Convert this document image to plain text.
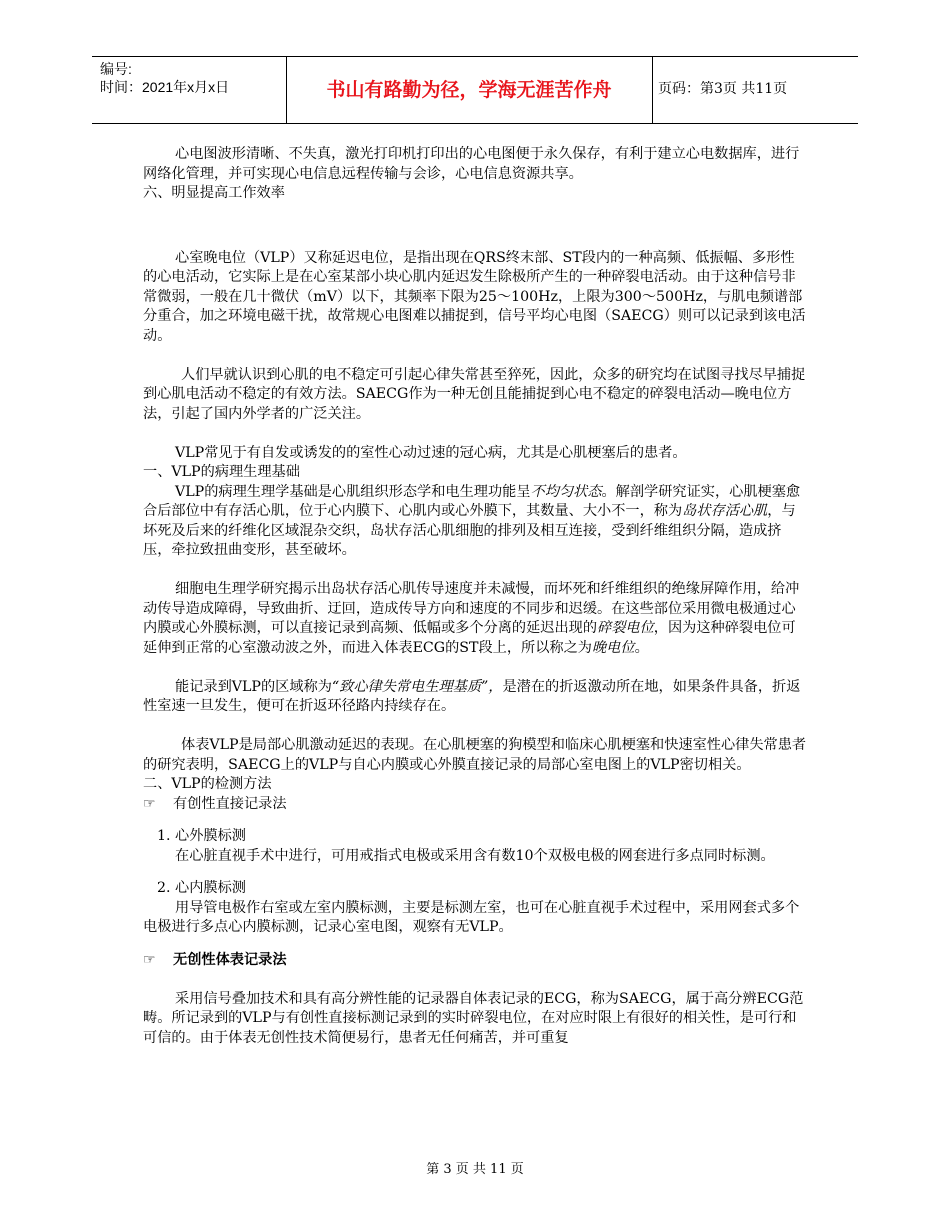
编号:
时间：2021年x月x日	书山有路勤为径，学海无涯苦作舟	页码：第3页 共11页

心电图波形清晰、不失真，激光打印机打印出的心电图便于永久保存，有利于建立心电数据库，进行网络化管理，并可实现心电信息远程传输与会诊，心电信息资源共享。

六、明显提高工作效率

心室晚电位（VLP）又称延迟电位，是指出现在QRS终末部、ST段内的一种高频、低振幅、多形性的心电活动，它实际上是在心室某部小块心肌内延迟发生除极所产生的一种碎裂电活动。由于这种信号非常微弱，一般在几十微伏（mV）以下，其频率下限为25～100Hz，上限为300～500Hz，与肌电频谱部分重合，加之环境电磁干扰，故常规心电图难以捕捉到，信号平均心电图（SAECG）则可以记录到该电活动。

人们早就认识到心肌的电不稳定可引起心律失常甚至猝死，因此，众多的研究均在试图寻找尽早捕捉到心肌电活动不稳定的有效方法。SAECG作为一种无创且能捕捉到心电不稳定的碎裂电活动—晚电位方法，引起了国内外学者的广泛关注。

VLP常见于有自发或诱发的的室性心动过速的冠心病，尤其是心肌梗塞后的患者。

一、VLP的病理生理基础

VLP的病理生理学基础是心肌组织形态学和电生理功能呈不均匀状态。解剖学研究证实，心肌梗塞愈合后部位中有存活心肌，位于心内膜下、心肌内或心外膜下，其数量、大小不一，称为岛状存活心肌，与坏死及后来的纤维化区域混杂交织，岛状存活心肌细胞的排列及相互连接，受到纤维组织分隔，造成挤压，牵拉致扭曲变形，甚至破坏。

细胞电生理学研究揭示出岛状存活心肌传导速度并未减慢，而坏死和纤维组织的绝缘屏障作用，给冲动传导造成障碍，导致曲折、迂回，造成传导方向和速度的不同步和迟缓。在这些部位采用微电极通过心内膜或心外膜标测，可以直接记录到高频、低幅或多个分离的延迟出现的碎裂电位，因为这种碎裂电位可延伸到正常的心室激动波之外，而进入体表ECG的ST段上，所以称之为晚电位。

能记录到VLP的区域称为“致心律失常电生理基质”，是潜在的折返激动所在地，如果条件具备，折返性室速一旦发生，便可在折返环径路内持续存在。

体表VLP是局部心肌激动延迟的表现。在心肌梗塞的狗模型和临床心肌梗塞和快速室性心律失常患者的研究表明，SAECG上的VLP与自心内膜或心外膜直接记录的局部心室电图上的VLP密切相关。

二、VLP的检测方法

☞	有创性直接记录法

1. 心外膜标测

在心脏直视手术中进行，可用戒指式电极或采用含有数10个双极电极的网套进行多点同时标测。

2. 心内膜标测

用导管电极作右室或左室内膜标测，主要是标测左室，也可在心脏直视手术过程中，采用网套式多个电极进行多点心内膜标测，记录心室电图，观察有无VLP。

☞	无创性体表记录法

采用信号叠加技术和具有高分辨性能的记录器自体表记录的ECG，称为SAECG，属于高分辨ECG范畴。所记录到的VLP与有创性直接标测记录到的实时碎裂电位，在对应时限上有很好的相关性，是可行和可信的。由于体表无创性技术简便易行，患者无任何痛苦，并可重复

第 3 页 共 11 页
